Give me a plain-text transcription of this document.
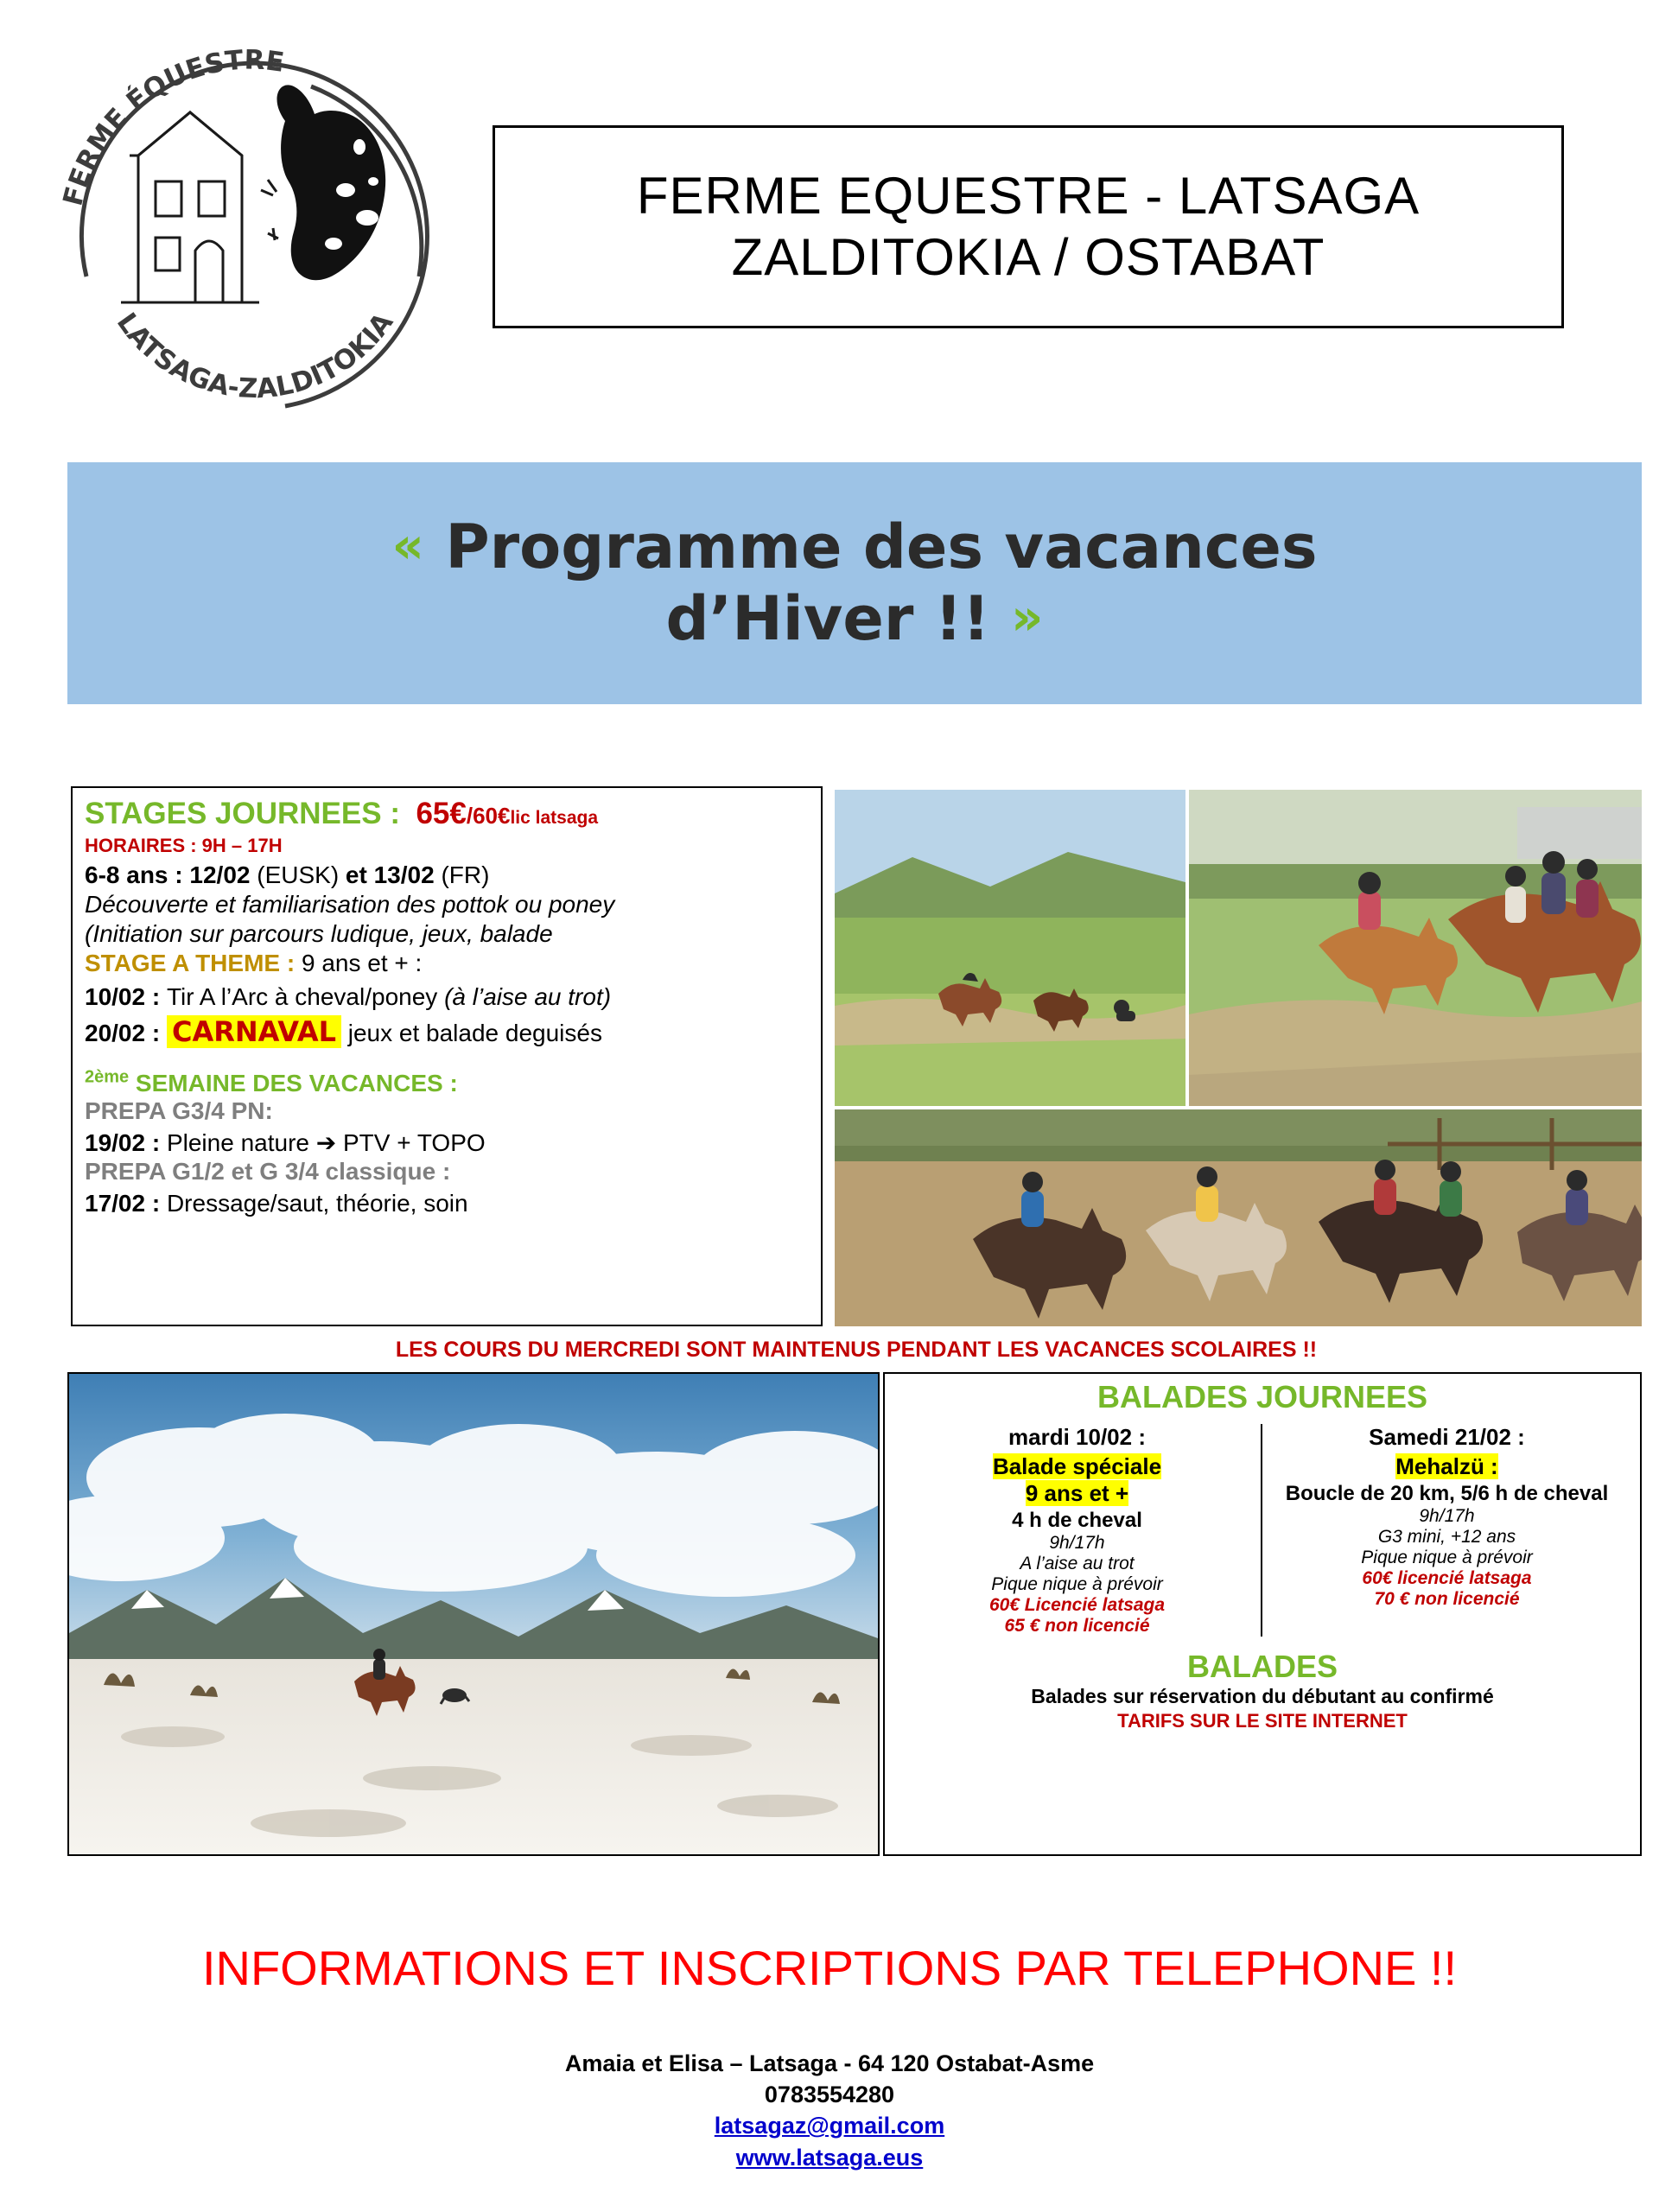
FERME ÉQUESTRE
LATSAGA-ZALDITOKIA
FERME EQUESTRE - LATSAGA
ZALDITOKIA / OSTABAT
« Programme des vacances
d’Hiver !! »
STAGES JOURNEES : 65€/60€lic latsaga
HORAIRES : 9H – 17H
6-8 ans : 12/02 (EUSK) et 13/02 (FR)
Découverte et familiarisation des pottok ou poney
(Initiation sur parcours ludique, jeux, balade
STAGE A THEME : 9 ans et + :
10/02 : Tir A l’Arc à cheval/poney (à l’aise au trot)
20/02 : CARNAVAL jeux et balade deguisés
$^{2ème}$ SEMAINE DES VACANCES :
PREPA G3/4 PN:
19/02 : Pleine nature ➔ PTV + TOPO
PREPA G1/2 et G 3/4 classique :
17/02 : Dressage/saut, théorie, soin
LES COURS DU MERCREDI SONT MAINTENUS PENDANT LES VACANCES SCOLAIRES !!
BALADES JOURNEES
mardi 10/02 :
Balade spéciale
9 ans et +
4 h de cheval
9h/17h
A l’aise au trot
Pique nique à prévoir
60€ Licencié latsaga
65 € non licencié
Samedi 21/02 :
Mehalzü :
Boucle de 20 km, 5/6 h de cheval
9h/17h
G3 mini, +12 ans
Pique nique à prévoir
60€ licencié latsaga
70 € non licencié
BALADES
Balades sur réservation du débutant au confirmé
TARIFS SUR LE SITE INTERNET
INFORMATIONS ET INSCRIPTIONS PAR TELEPHONE !!
Amaia et Elisa – Latsaga - 64 120 Ostabat-Asme
0783554280
latsagaz@gmail.com
www.latsaga.eus
